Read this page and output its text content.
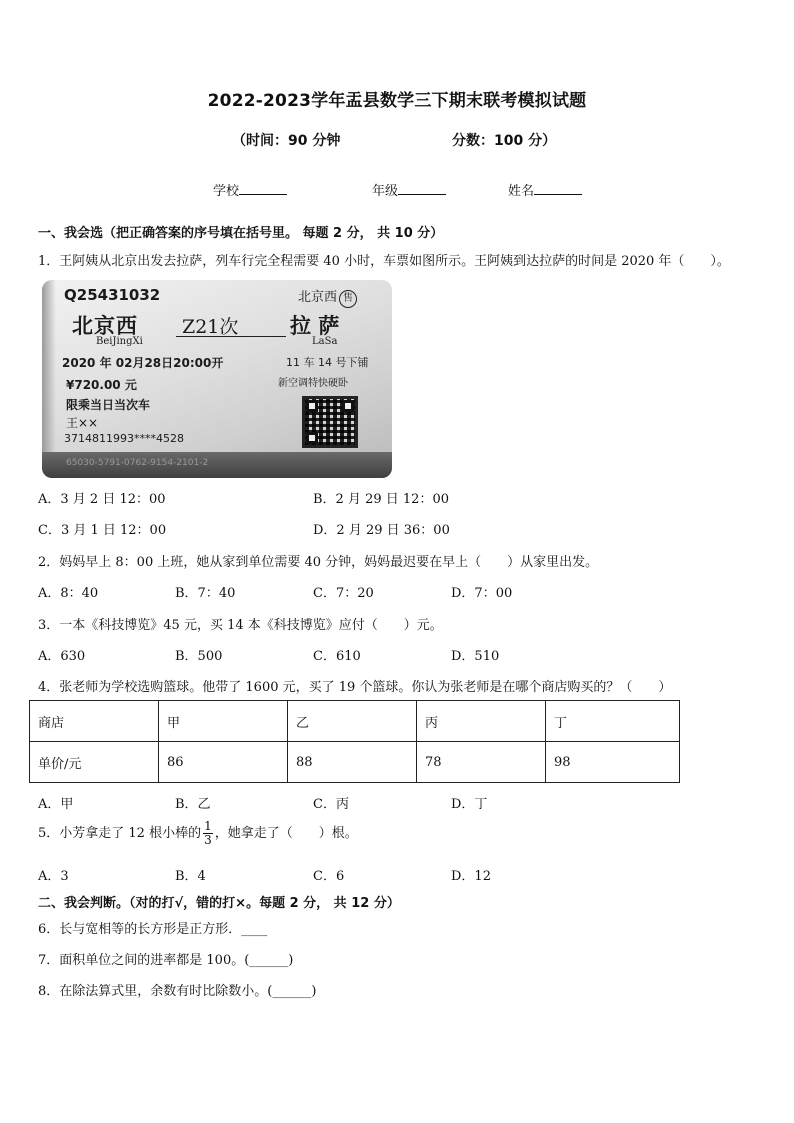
2022-2023学年盂县数学三下期末联考模拟试题
（时间：90 分钟	分数：100 分）
学校	年级	姓名
一、我会选（把正确答案的序号填在括号里。 每题 2 分， 共 10 分）
1．王阿姨从北京出发去拉萨，列车行完全程需要 40 小时，车票如图所示。王阿姨到达拉萨的时间是 2020 年（　　）。
Q25431032	北京西 售
北京西
BeiJingXi
Z21次 拉 萨
LaSa
2020 年 02月28日20:00开	11 车 14 号下铺
¥720.00 元	新空调特快硬卧
限乘当日当次车
王××
3714811993****4528
65030-5791-0762-9154-2101-2
A．3 月 2 日 12：00	B．2 月 29 日 12：00
C．3 月 1 日 12：00	D．2 月 29 日 36：00
2．妈妈早上 8：00 上班，她从家到单位需要 40 分钟，妈妈最迟要在早上（　　）从家里出发。
A．8：40	B．7：40	C．7：20	D．7：00
3．一本《科技博览》45 元，买 14 本《科技博览》应付（　　）元。
A．630	B．500	C．610	D．510
4．张老师为学校选购篮球。他带了 1600 元，买了 19 个篮球。你认为张老师是在哪个商店购买的？（　　）
商店	甲	乙	丙	丁
单价/元	86	88	78	98
A．甲	B．乙	C．丙	D．丁
5．小芳拿走了 12 根小棒的 $\frac{1}{3}$ ，她拿走了（　　）根。
A．3	B．4	C．6	D．12
二、我会判断。（对的打√，错的打×。每题 2 分， 共 12 分）
6．长与宽相等的长方形是正方形．____
7．面积单位之间的进率都是 100。(______)
8．在除法算式里，余数有时比除数小。(______)
